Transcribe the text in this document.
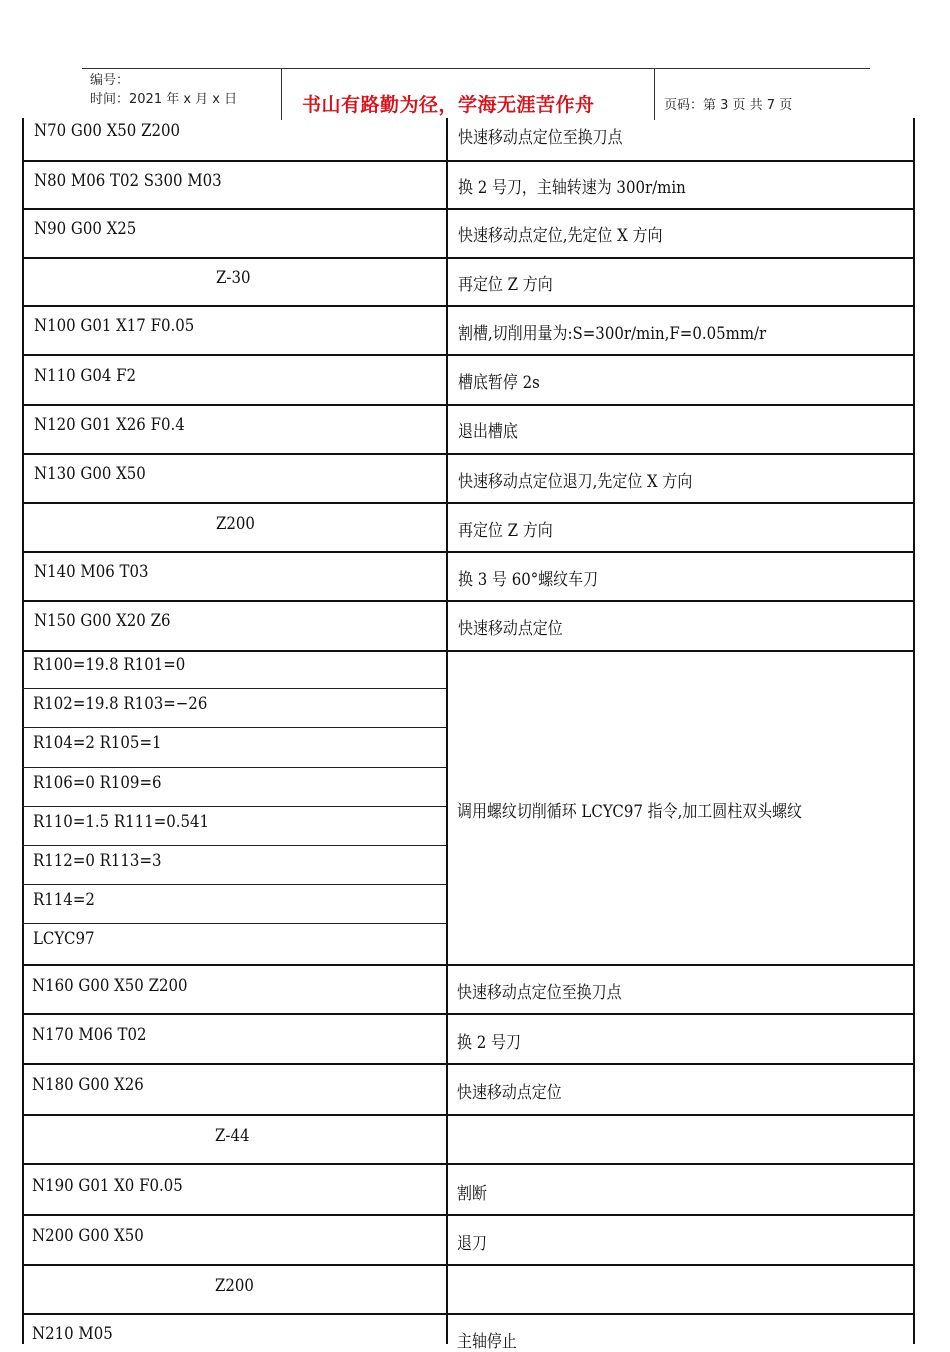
编号：
时间：2021 年 x 月 x 日	书山有路勤为径，学海无涯苦作舟	页码：第 3 页 共 7 页
N70 G00 X50 Z200	快速移动点定位至换刀点
N80 M06 T02 S300 M03	换 2 号刀，主轴转速为 300r/min
N90 G00 X25	快速移动点定位,先定位 X 方向
Z-30	再定位 Z 方向
N100 G01 X17 F0.05	割槽,切削用量为:S=300r/min,F=0.05mm/r
N110 G04 F2	槽底暂停 2s
N120 G01 X26 F0.4	退出槽底
N130 G00 X50	快速移动点定位退刀,先定位 X 方向
Z200	再定位 Z 方向
N140 M06 T03	换 3 号 60°螺纹车刀
N150 G00 X20 Z6	快速移动点定位
R100=19.8 R101=0
R102=19.8 R103=−26
R104=2 R105=1
R106=0 R109=6
R110=1.5 R111=0.541
R112=0 R113=3
R114=2
LCYC97
调用螺纹切削循环 LCYC97 指令,加工圆柱双头螺纹
N160 G00 X50 Z200	快速移动点定位至换刀点
N170 M06 T02	换 2 号刀
N180 G00 X26	快速移动点定位
Z-44
N190 G01 X0 F0.05	割断
N200 G00 X50	退刀
Z200
N210 M05	主轴停止
